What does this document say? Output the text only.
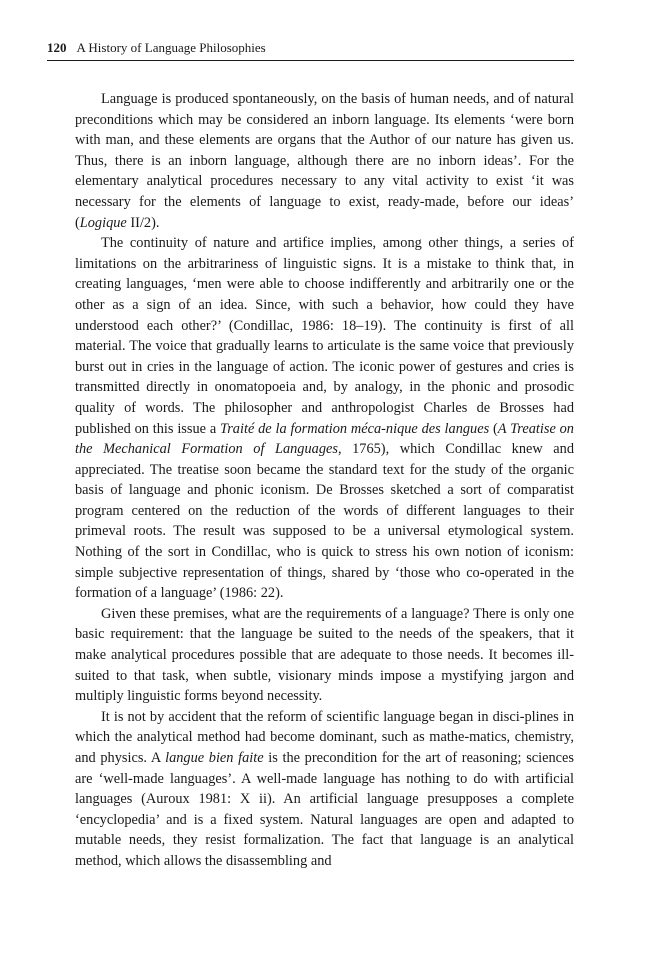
120 A History of Language Philosophies

Language is produced spontaneously, on the basis of human needs, and of natural preconditions which may be considered an inborn language. Its elements ‘were born with man, and these elements are organs that the Author of our nature has given us. Thus, there is an inborn language, although there are no inborn ideas’. For the elementary analytical procedures necessary to any vital activity to exist ‘it was necessary for the elements of language to exist, ready-made, before our ideas’ (Logique II/2).

The continuity of nature and artifice implies, among other things, a series of limitations on the arbitrariness of linguistic signs. It is a mistake to think that, in creating languages, ‘men were able to choose indifferently and arbitrarily one or the other as a sign of an idea. Since, with such a behavior, how could they have understood each other?’ (Condillac, 1986: 18–19). The continuity is first of all material. The voice that gradually learns to articulate is the same voice that previously burst out in cries in the language of action. The iconic power of gestures and cries is transmitted directly in onomatopoeia and, by analogy, in the phonic and prosodic quality of words. The philosopher and anthropologist Charles de Brosses had published on this issue a Traité de la formation méca-nique des langues (A Treatise on the Mechanical Formation of Languages, 1765), which Condillac knew and appreciated. The treatise soon became the standard text for the study of the organic basis of language and phonic iconism. De Brosses sketched a sort of comparatist program centered on the reduction of the words of different languages to their primeval roots. The result was supposed to be a universal etymological system. Nothing of the sort in Condillac, who is quick to stress his own notion of iconism: simple subjective representation of things, shared by ‘those who co-operated in the formation of a language’ (1986: 22).

Given these premises, what are the requirements of a language? There is only one basic requirement: that the language be suited to the needs of the speakers, that it make analytical procedures possible that are adequate to those needs. It becomes ill-suited to that task, when subtle, visionary minds impose a mystifying jargon and multiply linguistic forms beyond necessity.

It is not by accident that the reform of scientific language began in disci-plines in which the analytical method had become dominant, such as mathe-matics, chemistry, and physics. A langue bien faite is the precondition for the art of reasoning; sciences are ‘well-made languages’. A well-made language has nothing to do with artificial languages (Auroux 1981: X ii). An artificial language presupposes a complete ‘encyclopedia’ and is a fixed system. Natural languages are open and adapted to mutable needs, they resist formalization. The fact that language is an analytical method, which allows the disassembling and
